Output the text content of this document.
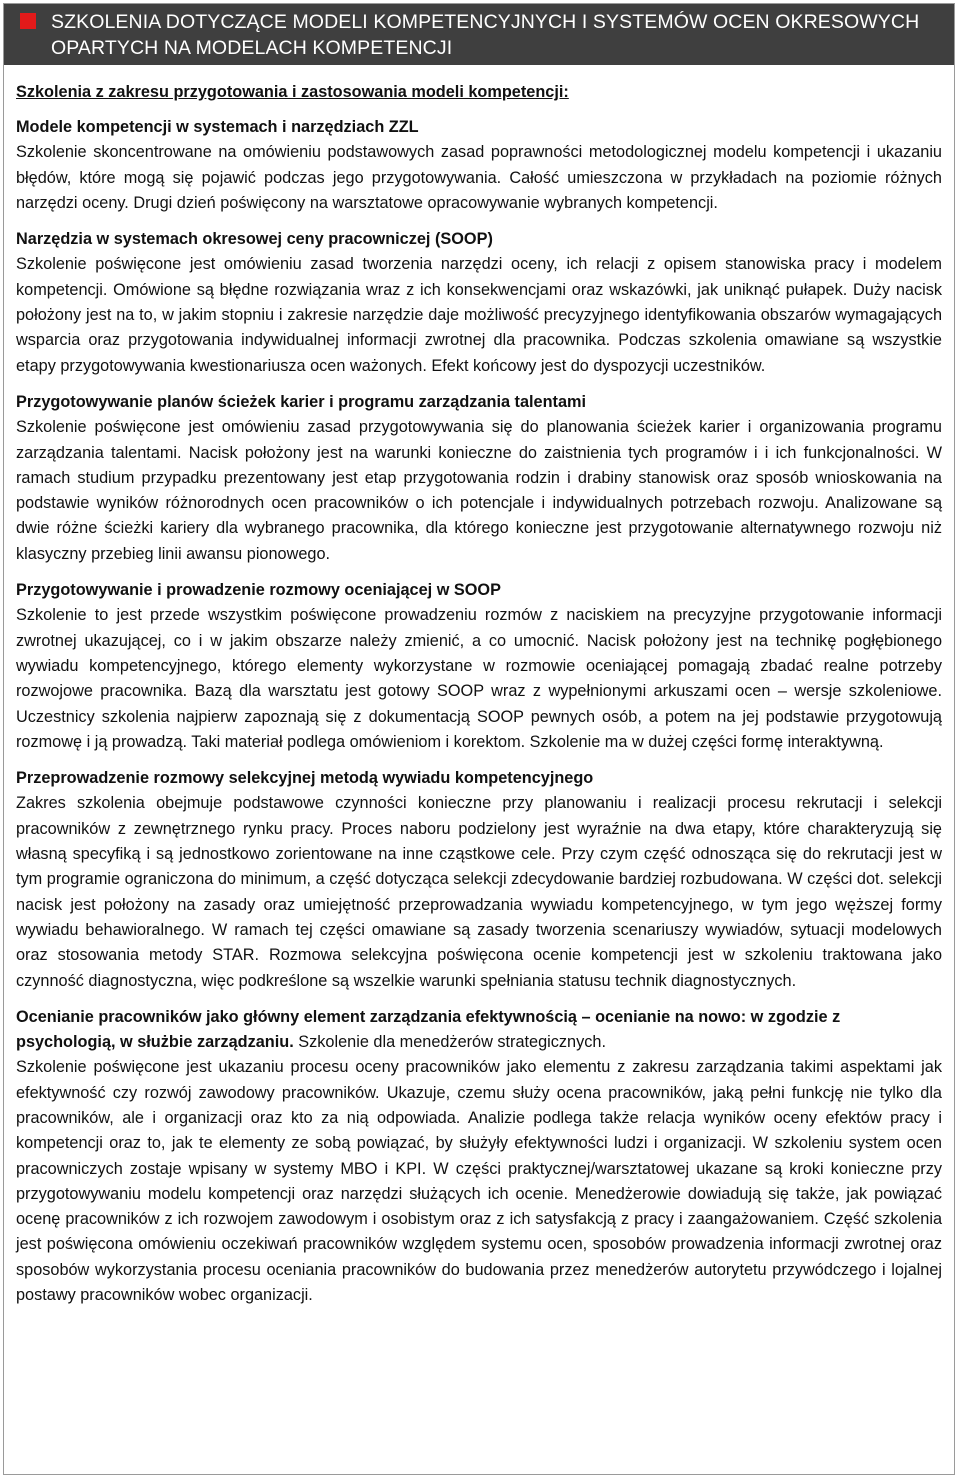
SZKOLENIA DOTYCZĄCE MODELI KOMPETENCYJNYCH I SYSTEMÓW OCEN OKRESOWYCH OPARTYCH NA MODELACH KOMPETENCJI
Szkolenia z zakresu przygotowania i zastosowania modeli kompetencji:
Modele kompetencji w systemach i narzędziach ZZL

Szkolenie skoncentrowane na omówieniu podstawowych zasad poprawności metodologicznej modelu kompetencji i ukazaniu błędów, które mogą się pojawić podczas jego przygotowywania. Całość umieszczona w przykładach na poziomie różnych narzędzi oceny. Drugi dzień poświęcony na warsztatowe opracowywanie wybranych kompetencji.

Narzędzia w systemach okresowej ceny pracowniczej (SOOP)

Szkolenie poświęcone jest omówieniu zasad tworzenia narzędzi oceny, ich relacji z opisem stanowiska pracy i modelem kompetencji. Omówione są błędne rozwiązania wraz z ich konsekwencjami oraz wskazówki, jak uniknąć pułapek. Duży nacisk położony jest na to, w jakim stopniu i zakresie narzędzie daje możliwość precyzyjnego identyfikowania obszarów wymagających wsparcia oraz przygotowania indywidualnej informacji zwrotnej dla pracownika. Podczas szkolenia omawiane są wszystkie etapy przygotowywania kwestionariusza ocen ważonych. Efekt końcowy jest do dyspozycji uczestników.

Przygotowywanie planów ścieżek karier i programu zarządzania talentami

Szkolenie poświęcone jest omówieniu zasad przygotowywania się do planowania ścieżek karier i organizowania programu zarządzania talentami. Nacisk położony jest na warunki konieczne do zaistnienia tych programów i i ich funkcjonalności. W ramach studium przypadku prezentowany jest etap przygotowania rodzin i drabiny stanowisk oraz sposób wnioskowania na podstawie wyników różnorodnych ocen pracowników o ich potencjale i indywidualnych potrzebach rozwoju. Analizowane są dwie różne ścieżki kariery dla wybranego pracownika, dla którego konieczne jest przygotowanie alternatywnego rozwoju niż klasyczny przebieg linii awansu pionowego.

Przygotowywanie i prowadzenie rozmowy oceniającej w SOOP

Szkolenie to jest przede wszystkim poświęcone prowadzeniu rozmów z naciskiem na precyzyjne przygotowanie informacji zwrotnej ukazującej, co i w jakim obszarze należy zmienić, a co umocnić. Nacisk położony jest na technikę pogłębionego wywiadu kompetencyjnego, którego elementy wykorzystane w rozmowie oceniającej pomagają zbadać realne potrzeby rozwojowe pracownika. Bazą dla warsztatu jest gotowy SOOP wraz z wypełnionymi arkuszami ocen – wersje szkoleniowe. Uczestnicy szkolenia najpierw zapoznają się z dokumentacją SOOP pewnych osób, a potem na jej podstawie przygotowują rozmowę i ją prowadzą. Taki materiał podlega omówieniom i korektom. Szkolenie ma w dużej części formę interaktywną.

Przeprowadzenie rozmowy selekcyjnej metodą wywiadu kompetencyjnego

Zakres szkolenia obejmuje podstawowe czynności konieczne przy planowaniu i realizacji procesu rekrutacji i selekcji pracowników z zewnętrznego rynku pracy. Proces naboru podzielony jest wyraźnie na dwa etapy, które charakteryzują się własną specyfiką i są jednostkowo zorientowane na inne cząstkowe cele. Przy czym część odnosząca się do rekrutacji jest w tym programie ograniczona do minimum, a część dotycząca selekcji zdecydowanie bardziej rozbudowana. W części dot. selekcji nacisk jest położony na zasady oraz umiejętność przeprowadzania wywiadu kompetencyjnego, w tym jego węższej formy wywiadu behawioralnego. W ramach tej części omawiane są zasady tworzenia scenariuszy wywiadów, sytuacji modelowych oraz stosowania metody STAR. Rozmowa selekcyjna poświęcona ocenie kompetencji jest w szkoleniu traktowana jako czynność diagnostyczna, więc podkreślone są wszelkie warunki spełniania statusu technik diagnostycznych.

Ocenianie pracowników jako główny element zarządzania efektywnością – ocenianie na nowo: w zgodzie z psychologią, w służbie zarządzaniu. Szkolenie dla menedżerów strategicznych.

Szkolenie poświęcone jest ukazaniu procesu oceny pracowników jako elementu z zakresu zarządzania takimi aspektami jak efektywność czy rozwój zawodowy pracowników. Ukazuje, czemu służy ocena pracowników, jaką pełni funkcję nie tylko dla pracowników, ale i organizacji oraz kto za nią odpowiada. Analizie podlega także relacja wyników oceny efektów pracy i kompetencji oraz to, jak te elementy ze sobą powiązać, by służyły efektywności ludzi i organizacji. W szkoleniu system ocen pracowniczych zostaje wpisany w systemy MBO i KPI. W części praktycznej/warsztatowej ukazane są kroki konieczne przy przygotowywaniu modelu kompetencji oraz narzędzi służących ich ocenie. Menedżerowie dowiadują się także, jak powiązać ocenę pracowników z ich rozwojem zawodowym i osobistym oraz z ich satysfakcją z pracy i zaangażowaniem. Część szkolenia jest poświęcona omówieniu oczekiwań pracowników względem systemu ocen, sposobów prowadzenia informacji zwrotnej oraz sposobów wykorzystania procesu oceniania pracowników do budowania przez menedżerów autorytetu przywódczego i lojalnej postawy pracowników wobec organizacji.
